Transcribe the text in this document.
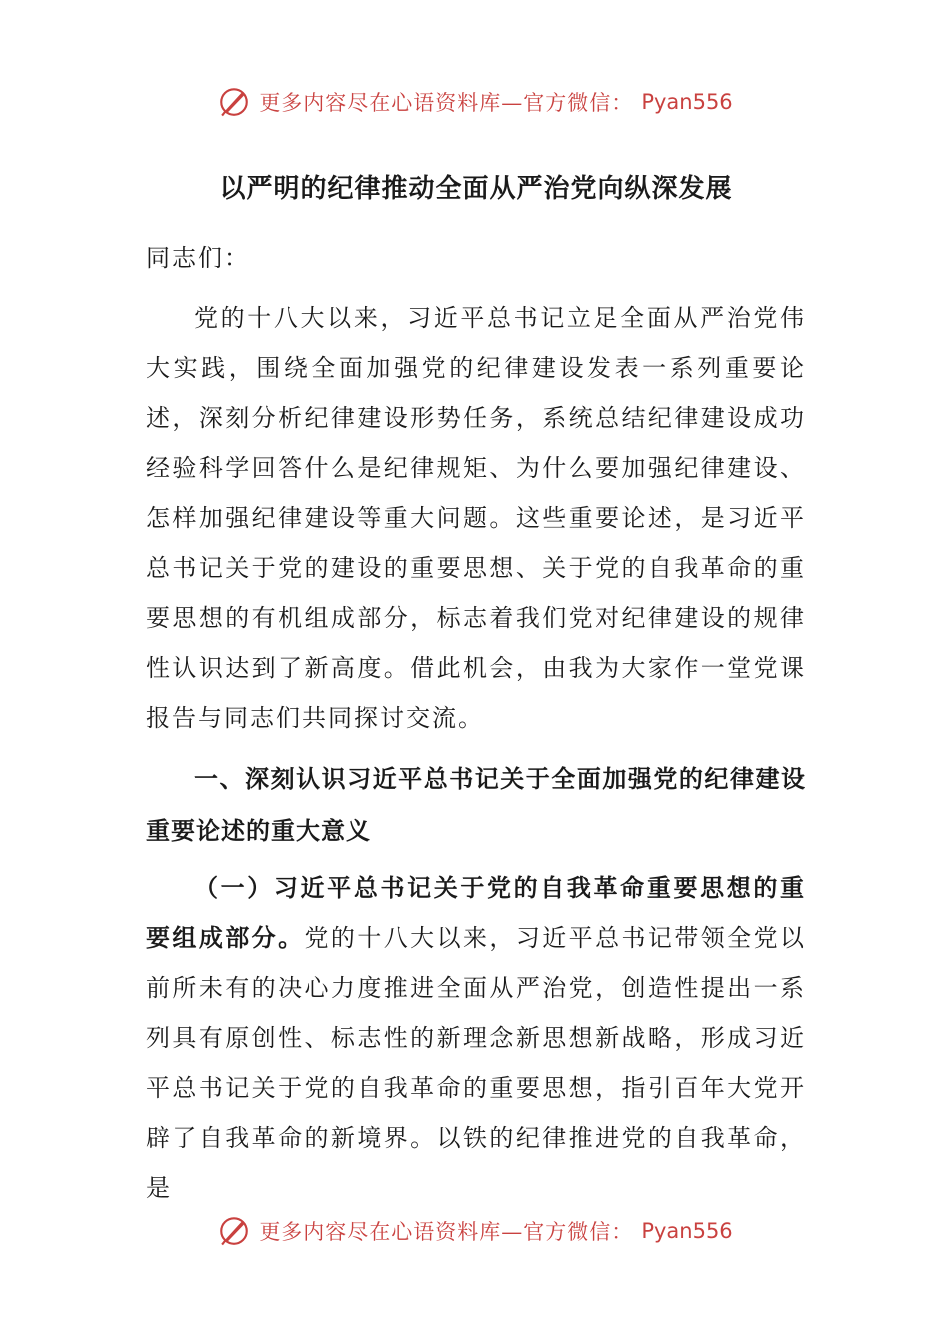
更多内容尽在心语资料库—官方微信： Pyan556
以严明的纪律推动全面从严治党向纵深发展

同志们：

党的十八大以来，习近平总书记立足全面从严治党伟大实践，围绕全面加强党的纪律建设发表一系列重要论述，深刻分析纪律建设形势任务，系统总结纪律建设成功经验科学回答什么是纪律规矩、为什么要加强纪律建设、怎样加强纪律建设等重大问题。这些重要论述，是习近平总书记关于党的建设的重要思想、关于党的自我革命的重要思想的有机组成部分，标志着我们党对纪律建设的规律性认识达到了新高度。借此机会，由我为大家作一堂党课报告与同志们共同探讨交流。

一、深刻认识习近平总书记关于全面加强党的纪律建设重要论述的重大意义

（一）习近平总书记关于党的自我革命重要思想的重要组成部分。党的十八大以来，习近平总书记带领全党以前所未有的决心力度推进全面从严治党，创造性提出一系列具有原创性、标志性的新理念新思想新战略，形成习近平总书记关于党的自我革命的重要思想，指引百年大党开辟了自我革命的新境界。以铁的纪律推进党的自我革命，是

更多内容尽在心语资料库—官方微信： Pyan556
